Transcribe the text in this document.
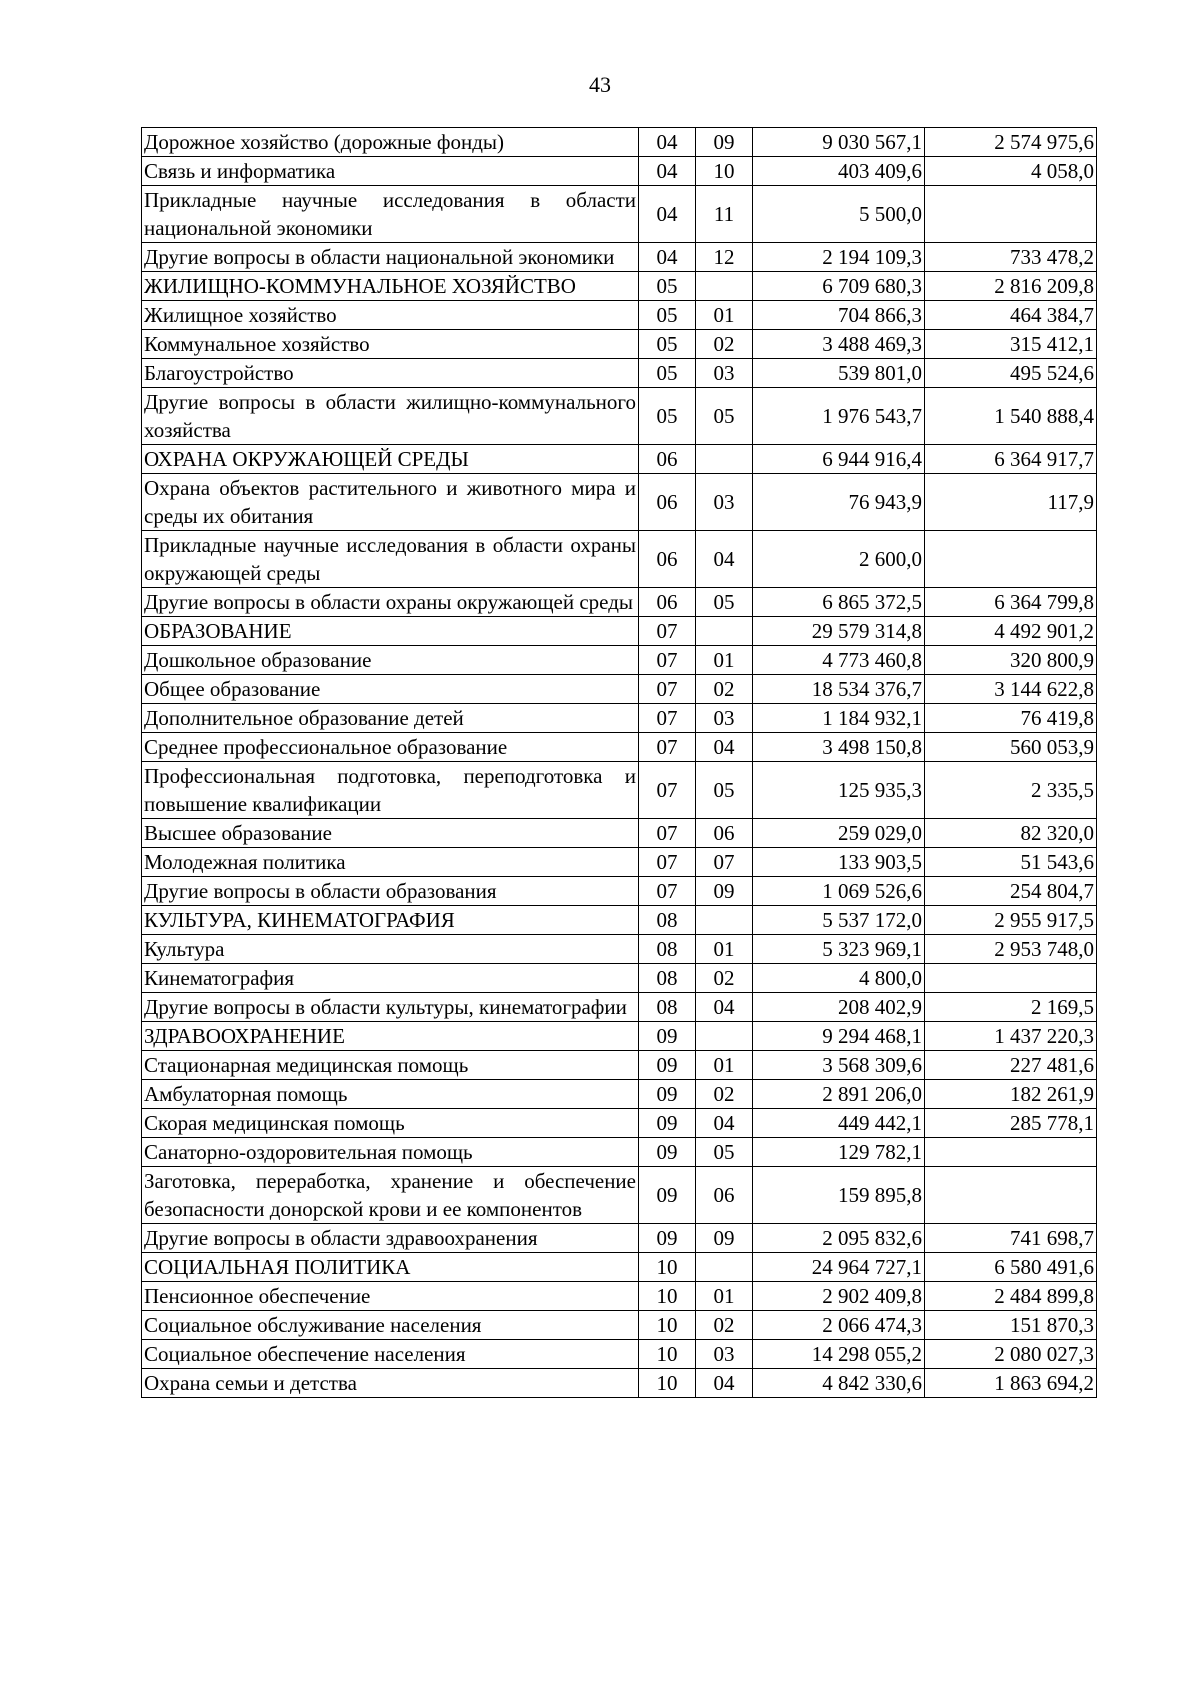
43
Дорожное хозяйство (дорожные фонды)	04	09	9 030 567,1	2 574 975,6
Связь и информатика	04	10	403 409,6	4 058,0
Прикладные научные исследования в области национальной экономики	04	11	5 500,0	
Другие вопросы в области национальной экономики	04	12	2 194 109,3	733 478,2
ЖИЛИЩНО-КОММУНАЛЬНОЕ ХОЗЯЙСТВО	05		6 709 680,3	2 816 209,8
Жилищное хозяйство	05	01	704 866,3	464 384,7
Коммунальное хозяйство	05	02	3 488 469,3	315 412,1
Благоустройство	05	03	539 801,0	495 524,6
Другие вопросы в области жилищно-коммунального хозяйства	05	05	1 976 543,7	1 540 888,4
ОХРАНА ОКРУЖАЮЩЕЙ СРЕДЫ	06		6 944 916,4	6 364 917,7
Охрана объектов растительного и животного мира и среды их обитания	06	03	76 943,9	117,9
Прикладные научные исследования в области охраны окружающей среды	06	04	2 600,0	
Другие вопросы в области охраны окружающей среды	06	05	6 865 372,5	6 364 799,8
ОБРАЗОВАНИЕ	07		29 579 314,8	4 492 901,2
Дошкольное образование	07	01	4 773 460,8	320 800,9
Общее образование	07	02	18 534 376,7	3 144 622,8
Дополнительное образование детей	07	03	1 184 932,1	76 419,8
Среднее профессиональное образование	07	04	3 498 150,8	560 053,9
Профессиональная подготовка, переподготовка и повышение квалификации	07	05	125 935,3	2 335,5
Высшее образование	07	06	259 029,0	82 320,0
Молодежная политика	07	07	133 903,5	51 543,6
Другие вопросы в области образования	07	09	1 069 526,6	254 804,7
КУЛЬТУРА, КИНЕМАТОГРАФИЯ	08		5 537 172,0	2 955 917,5
Культура	08	01	5 323 969,1	2 953 748,0
Кинематография	08	02	4 800,0	
Другие вопросы в области культуры, кинематографии	08	04	208 402,9	2 169,5
ЗДРАВООХРАНЕНИЕ	09		9 294 468,1	1 437 220,3
Стационарная медицинская помощь	09	01	3 568 309,6	227 481,6
Амбулаторная помощь	09	02	2 891 206,0	182 261,9
Скорая медицинская помощь	09	04	449 442,1	285 778,1
Санаторно-оздоровительная помощь	09	05	129 782,1	
Заготовка, переработка, хранение и обеспечение безопасности донорской крови и ее компонентов	09	06	159 895,8	
Другие вопросы в области здравоохранения	09	09	2 095 832,6	741 698,7
СОЦИАЛЬНАЯ ПОЛИТИКА	10		24 964 727,1	6 580 491,6
Пенсионное обеспечение	10	01	2 902 409,8	2 484 899,8
Социальное обслуживание населения	10	02	2 066 474,3	151 870,3
Социальное обеспечение населения	10	03	14 298 055,2	2 080 027,3
Охрана семьи и детства	10	04	4 842 330,6	1 863 694,2
